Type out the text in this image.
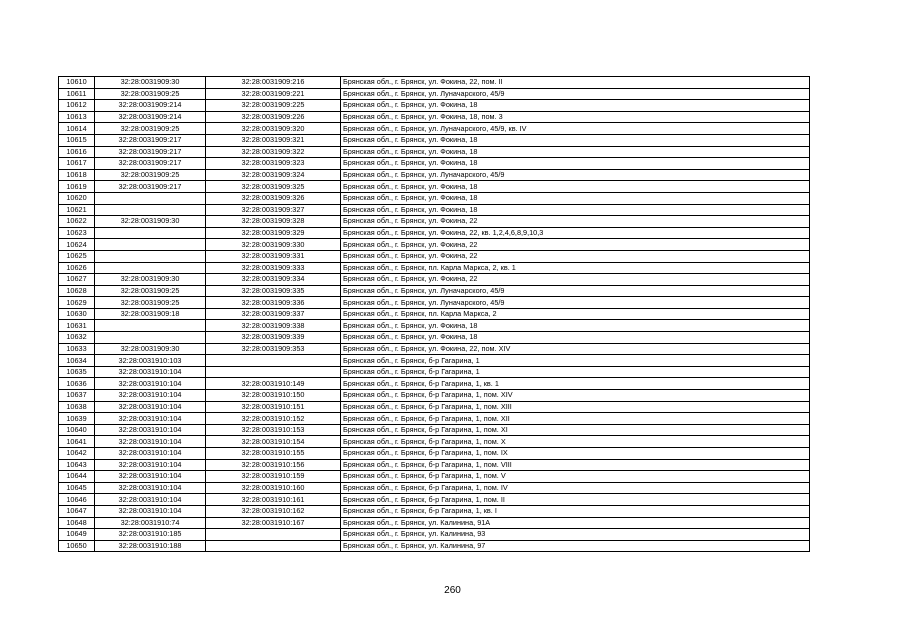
10610	32:28:0031909:30	32:28:0031909:216	Брянская обл., г. Брянск, ул. Фокина, 22, пом. II
10611	32:28:0031909:25	32:28:0031909:221	Брянская обл., г. Брянск, ул. Луначарского, 45/9
10612	32:28:0031909:214	32:28:0031909:225	Брянская обл., г. Брянск, ул. Фокина, 18
10613	32:28:0031909:214	32:28:0031909:226	Брянская обл., г. Брянск, ул. Фокина, 18, пом. 3
10614	32:28:0031909:25	32:28:0031909:320	Брянская обл., г. Брянск, ул. Луначарского, 45/9, кв. IV
10615	32:28:0031909:217	32:28:0031909:321	Брянская обл., г. Брянск, ул. Фокина, 18
10616	32:28:0031909:217	32:28:0031909:322	Брянская обл., г. Брянск, ул. Фокина, 18
10617	32:28:0031909:217	32:28:0031909:323	Брянская обл., г. Брянск, ул. Фокина, 18
10618	32:28:0031909:25	32:28:0031909:324	Брянская обл., г. Брянск, ул. Луначарского, 45/9
10619	32:28:0031909:217	32:28:0031909:325	Брянская обл., г. Брянск, ул. Фокина, 18
10620		32:28:0031909:326	Брянская обл., г. Брянск, ул. Фокина, 18
10621		32:28:0031909:327	Брянская обл., г. Брянск, ул. Фокина, 18
10622	32:28:0031909:30	32:28:0031909:328	Брянская обл., г. Брянск, ул. Фокина, 22
10623		32:28:0031909:329	Брянская обл., г. Брянск, ул. Фокина, 22, кв. 1,2,4,6,8,9,10,3
10624		32:28:0031909:330	Брянская обл., г. Брянск, ул. Фокина, 22
10625		32:28:0031909:331	Брянская обл., г. Брянск, ул. Фокина, 22
10626		32:28:0031909:333	Брянская обл., г. Брянск, пл. Карла Маркса, 2, кв. 1
10627	32:28:0031909:30	32:28:0031909:334	Брянская обл., г. Брянск, ул. Фокина, 22
10628	32:28:0031909:25	32:28:0031909:335	Брянская обл., г. Брянск, ул. Луначарского, 45/9
10629	32:28:0031909:25	32:28:0031909:336	Брянская обл., г. Брянск, ул. Луначарского, 45/9
10630	32:28:0031909:18	32:28:0031909:337	Брянская обл., г. Брянск, пл. Карла Маркса, 2
10631		32:28:0031909:338	Брянская обл., г. Брянск, ул. Фокина, 18
10632		32:28:0031909:339	Брянская обл., г. Брянск, ул. Фокина, 18
10633	32:28:0031909:30	32:28:0031909:353	Брянская обл., г. Брянск, ул. Фокина, 22, пом. XIV
10634	32:28:0031910:103		Брянская обл., г. Брянск, б-р Гагарина, 1
10635	32:28:0031910:104		Брянская обл., г. Брянск, б-р Гагарина, 1
10636	32:28:0031910:104	32:28:0031910:149	Брянская обл., г. Брянск, б-р Гагарина, 1, кв. 1
10637	32:28:0031910:104	32:28:0031910:150	Брянская обл., г. Брянск, б-р Гагарина, 1, пом. XIV
10638	32:28:0031910:104	32:28:0031910:151	Брянская обл., г. Брянск, б-р Гагарина, 1, пом. XIII
10639	32:28:0031910:104	32:28:0031910:152	Брянская обл., г. Брянск, б-р Гагарина, 1, пом. XII
10640	32:28:0031910:104	32:28:0031910:153	Брянская обл., г. Брянск, б-р Гагарина, 1, пом. XI
10641	32:28:0031910:104	32:28:0031910:154	Брянская обл., г. Брянск, б-р Гагарина, 1, пом. X
10642	32:28:0031910:104	32:28:0031910:155	Брянская обл., г. Брянск, б-р Гагарина, 1, пом. IX
10643	32:28:0031910:104	32:28:0031910:156	Брянская обл., г. Брянск, б-р Гагарина, 1, пом. VIII
10644	32:28:0031910:104	32:28:0031910:159	Брянская обл., г. Брянск, б-р Гагарина, 1, пом. V
10645	32:28:0031910:104	32:28:0031910:160	Брянская обл., г. Брянск, б-р Гагарина, 1, пом. IV
10646	32:28:0031910:104	32:28:0031910:161	Брянская обл., г. Брянск, б-р Гагарина, 1, пом. II
10647	32:28:0031910:104	32:28:0031910:162	Брянская обл., г. Брянск, б-р Гагарина, 1, кв. I
10648	32:28:0031910:74	32:28:0031910:167	Брянская обл., г. Брянск, ул. Калинина, 91А
10649	32:28:0031910:185		Брянская обл., г. Брянск, ул. Калинина, 93
10650	32:28:0031910:188		Брянская обл., г. Брянск, ул. Калинина, 97
260
